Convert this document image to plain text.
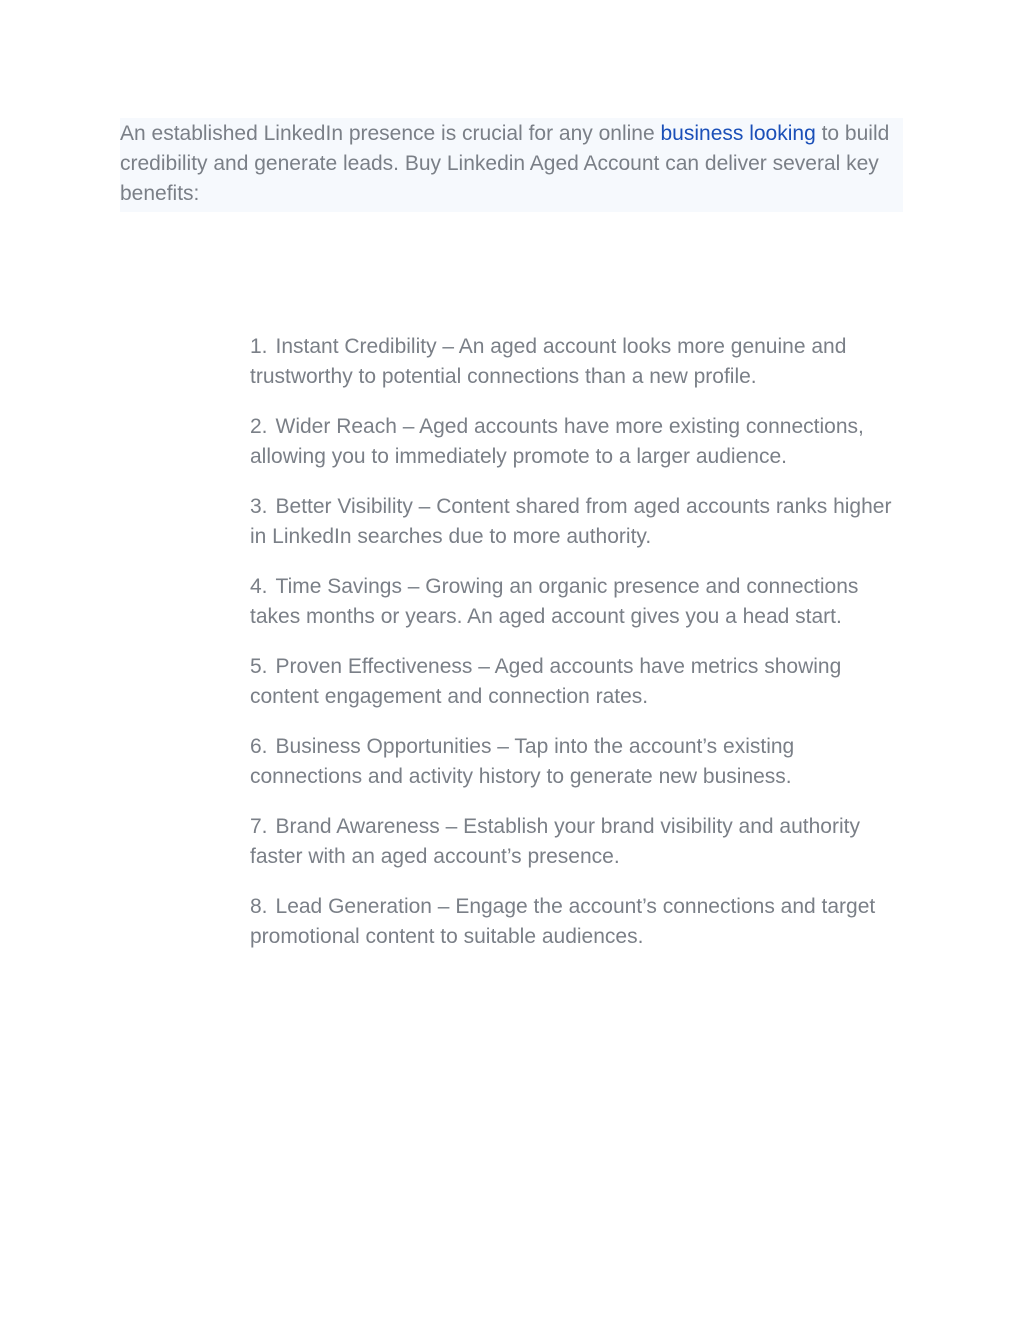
An established LinkedIn presence is crucial for any online business looking to build credibility and generate leads. Buy Linkedin Aged Account can deliver several key benefits:

1. Instant Credibility – An aged account looks more genuine and trustworthy to potential connections than a new profile.
2. Wider Reach – Aged accounts have more existing connections, allowing you to immediately promote to a larger audience.
3. Better Visibility – Content shared from aged accounts ranks higher in LinkedIn searches due to more authority.
4. Time Savings – Growing an organic presence and connections takes months or years. An aged account gives you a head start.
5. Proven Effectiveness – Aged accounts have metrics showing content engagement and connection rates.
6. Business Opportunities – Tap into the account’s existing connections and activity history to generate new business.
7. Brand Awareness – Establish your brand visibility and authority faster with an aged account’s presence.
8. Lead Generation – Engage the account’s connections and target promotional content to suitable audiences.
